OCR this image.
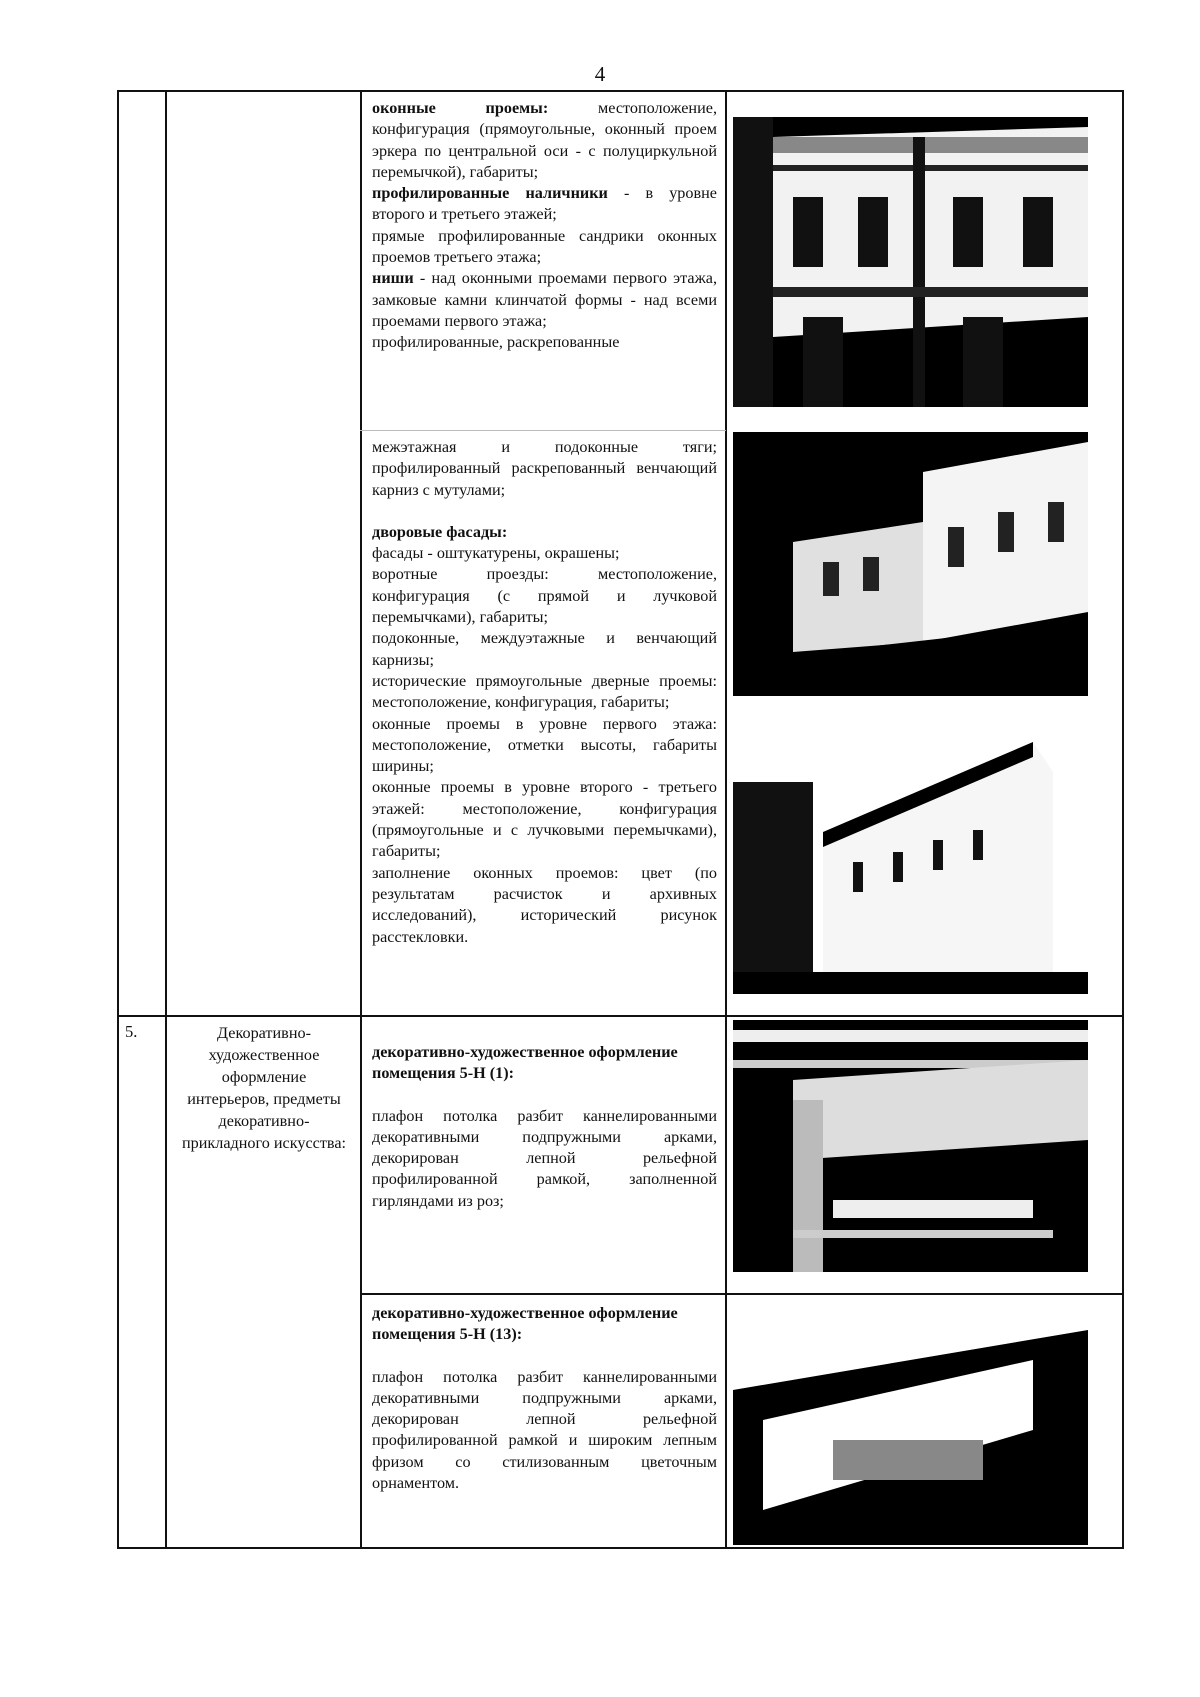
4

оконные проемы: местоположение, конфигурация (прямоугольные, оконный проем эркера по центральной оси - с полуциркульной перемычкой), габариты;

профилированные наличники - в уровне второго и третьего этажей;

прямые профилированные сандрики оконных проемов третьего этажа;

ниши - над оконными проемами первого этажа, замковые камни клинчатой формы - над всеми проемами первого этажа;

профилированные, раскрепованные

межэтажная и подоконные тяги; профилированный раскрепованный венчающий карниз с мутулами;

дворовые фасады:

фасады - оштукатурены, окрашены;

воротные проезды: местоположение, конфигурация (с прямой и лучковой перемычками), габариты;

подоконные, междуэтажные и венчающий карнизы;

исторические прямоугольные дверные проемы: местоположение, конфигурация, габариты;

оконные проемы в уровне первого этажа: местоположение, отметки высоты, габариты ширины;

оконные проемы в уровне второго - третьего этажей: местоположение, конфигурация (прямоугольные и с лучковыми перемычками), габариты;

заполнение оконных проемов: цвет (по результатам расчисток и архивных исследований), исторический рисунок расстекловки.

5.	Декоративно-художественное оформление интерьеров, предметы декоративно-прикладного искусства:

декоративно-художественное оформление помещения 5-Н (1):

плафон потолка разбит каннелированными декоративными подпружными арками, декорирован лепной рельефной профилированной рамкой, заполненной гирляндами из роз;

декоративно-художественное оформление помещения 5-Н (13):

плафон потолка разбит каннелированными декоративными подпружными арками, декорирован лепной рельефной профилированной рамкой и широким лепным фризом со стилизованным цветочным орнаментом.
